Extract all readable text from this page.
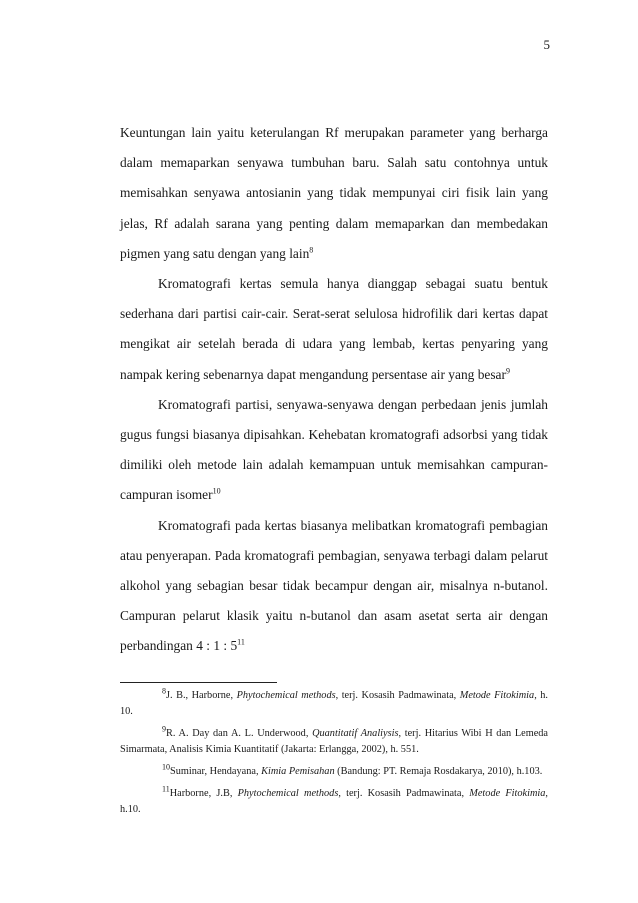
5

Keuntungan lain yaitu keterulangan Rf merupakan parameter yang berharga dalam memaparkan senyawa tumbuhan baru. Salah satu contohnya untuk memisahkan senyawa antosianin yang tidak mempunyai ciri fisik lain yang jelas, Rf adalah sarana yang penting dalam memaparkan dan membedakan pigmen yang satu dengan yang lain$^8$

Kromatografi kertas semula hanya dianggap sebagai suatu bentuk sederhana dari partisi cair-cair. Serat-serat selulosa hidrofilik dari kertas dapat mengikat air setelah berada di udara yang lembab, kertas penyaring yang nampak kering sebenarnya dapat mengandung persentase air yang besar$^9$

Kromatografi partisi, senyawa-senyawa dengan perbedaan jenis jumlah gugus fungsi biasanya dipisahkan. Kehebatan kromatografi adsorbsi yang tidak dimiliki oleh metode lain adalah kemampuan untuk memisahkan campuran-campuran isomer$^{10}$

Kromatografi pada kertas biasanya melibatkan kromatografi pembagian atau penyerapan. Pada kromatografi pembagian, senyawa terbagi dalam pelarut alkohol yang sebagian besar tidak becampur dengan air, misalnya n-butanol. Campuran pelarut klasik yaitu n-butanol dan asam asetat serta air dengan perbandingan 4 : 1 : $5^{11}$

$^8$J. B., Harborne, Phytochemical methods, terj. Kosasih Padmawinata, Metode Fitokimia, h. 10.

$^9$R. A. Day dan A. L. Underwood, Quantitatif Analiysis, terj. Hitarius Wibi H dan Lemeda Simarmata, Analisis Kimia Kuantitatif (Jakarta: Erlangga, 2002), h. 551.

$^{10}$Suminar, Hendayana, Kimia Pemisahan (Bandung: PT. Remaja Rosdakarya, 2010), h.103.

$^{11}$Harborne, J.B, Phytochemical methods, terj. Kosasih Padmawinata, Metode Fitokimia, h.10.
